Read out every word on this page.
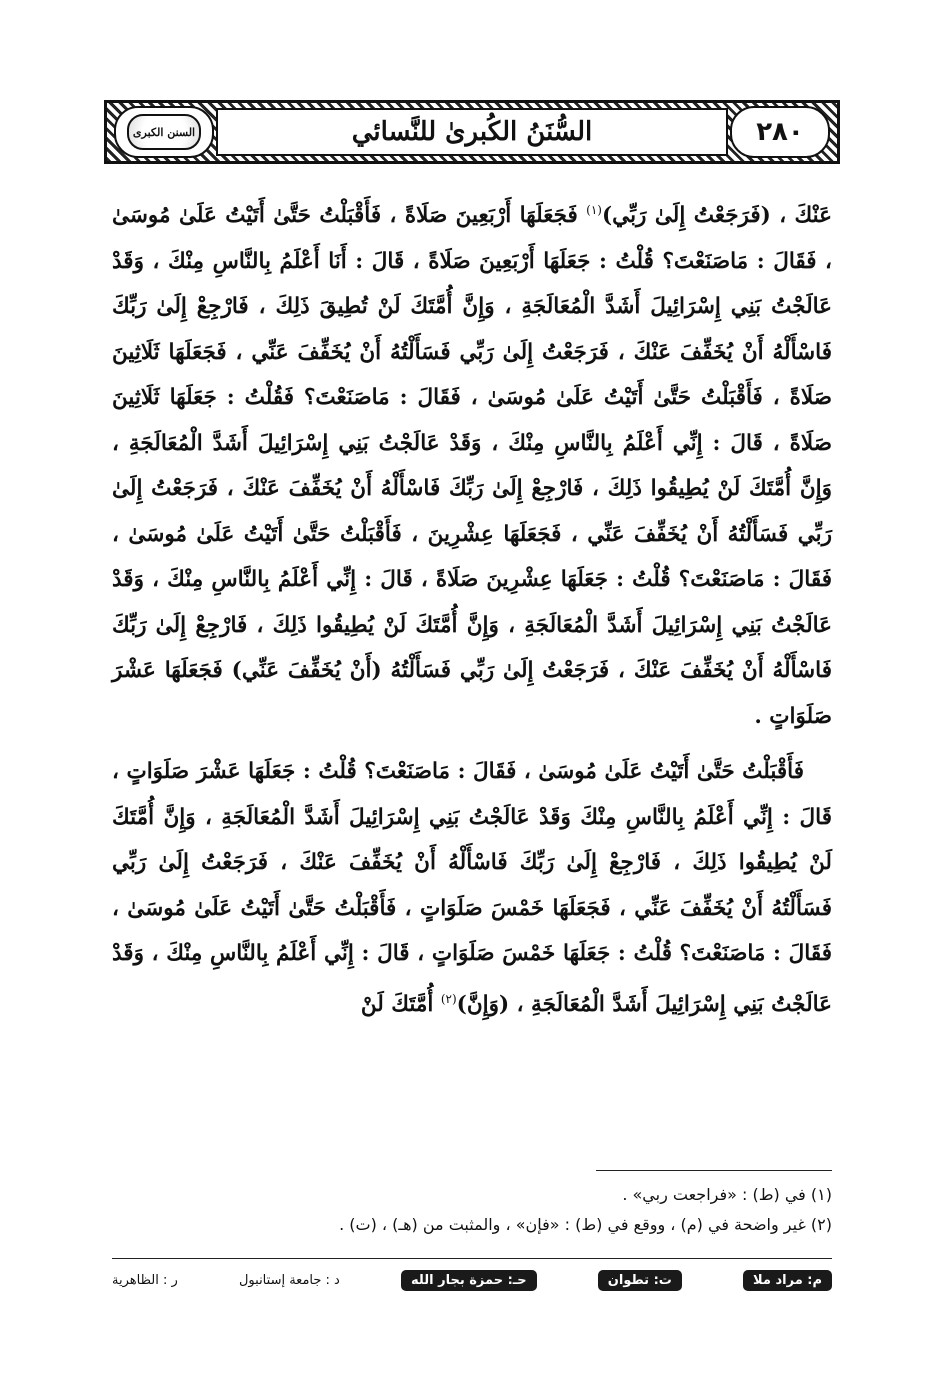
٢٨٠
السُّنَنُ الكُبرىٰ للنَّسائي
السنن الكبرى

عَنْكَ ، (فَرَجَعْتُ إِلَىٰ رَبِّي)$^{(١)}$ فَجَعَلَهَا أَرْبَعِينَ صَلَاةً ، فَأَقْبَلْتُ حَتَّىٰ أَتَيْتُ عَلَىٰ مُوسَىٰ ، فَقَالَ : مَاصَنَعْتَ؟ قُلْتُ : جَعَلَهَا أَرْبَعِينَ صَلَاةً ، قَالَ : أَنَا أَعْلَمُ بِالنَّاسِ مِنْكَ ، وَقَدْ عَالَجْتُ بَنِي إِسْرَائِيلَ أَشَدَّ الْمُعَالَجَةِ ، وَإِنَّ أُمَّتَكَ لَنْ تُطِيقَ ذَلِكَ ، فَارْجِعْ إِلَىٰ رَبِّكَ فَاسْأَلْهُ أَنْ يُخَفِّفَ عَنْكَ ، فَرَجَعْتُ إِلَىٰ رَبِّي فَسَأَلْتُهُ أَنْ يُخَفِّفَ عَنِّي ، فَجَعَلَهَا ثَلَاثِينَ صَلَاةً ، فَأَقْبَلْتُ حَتَّىٰ أَتَيْتُ عَلَىٰ مُوسَىٰ ، فَقَالَ : مَاصَنَعْتَ؟ فَقُلْتُ : جَعَلَهَا ثَلَاثِينَ صَلَاةً ، قَالَ : إِنِّي أَعْلَمُ بِالنَّاسِ مِنْكَ ، وَقَدْ عَالَجْتُ بَنِي إِسْرَائِيلَ أَشَدَّ الْمُعَالَجَةِ ، وَإِنَّ أُمَّتَكَ لَنْ يُطِيقُوا ذَلِكَ ، فَارْجِعْ إِلَىٰ رَبِّكَ فَاسْأَلْهُ أَنْ يُخَفِّفَ عَنْكَ ، فَرَجَعْتُ إِلَىٰ رَبِّي فَسَأَلْتُهُ أَنْ يُخَفِّفَ عَنِّي ، فَجَعَلَهَا عِشْرِينَ ، فَأَقْبَلْتُ حَتَّىٰ أَتَيْتُ عَلَىٰ مُوسَىٰ ، فَقَالَ : مَاصَنَعْتَ؟ قُلْتُ : جَعَلَهَا عِشْرِينَ صَلَاةً ، قَالَ : إِنِّي أَعْلَمُ بِالنَّاسِ مِنْكَ ، وَقَدْ عَالَجْتُ بَنِي إِسْرَائِيلَ أَشَدَّ الْمُعَالَجَةِ ، وَإِنَّ أُمَّتَكَ لَنْ يُطِيقُوا ذَلِكَ ، فَارْجِعْ إِلَىٰ رَبِّكَ فَاسْأَلْهُ أَنْ يُخَفِّفَ عَنْكَ ، فَرَجَعْتُ إِلَىٰ رَبِّي فَسَأَلْتُهُ (أَنْ يُخَفِّفَ عَنِّي) فَجَعَلَهَا عَشْرَ صَلَوَاتٍ .

فَأَقْبَلْتُ حَتَّىٰ أَتَيْتُ عَلَىٰ مُوسَىٰ ، فَقَالَ : مَاصَنَعْتَ؟ قُلْتُ : جَعَلَهَا عَشْرَ صَلَوَاتٍ ، قَالَ : إِنِّي أَعْلَمُ بِالنَّاسِ مِنْكَ وَقَدْ عَالَجْتُ بَنِي إِسْرَائِيلَ أَشَدَّ الْمُعَالَجَةِ ، وَإِنَّ أُمَّتَكَ لَنْ يُطِيقُوا ذَلِكَ ، فَارْجِعْ إِلَىٰ رَبِّكَ فَاسْأَلْهُ أَنْ يُخَفِّفَ عَنْكَ ، فَرَجَعْتُ إِلَىٰ رَبِّي فَسَأَلْتُهُ أَنْ يُخَفِّفَ عَنِّي ، فَجَعَلَهَا خَمْسَ صَلَوَاتٍ ، فَأَقْبَلْتُ حَتَّىٰ أَتَيْتُ عَلَىٰ مُوسَىٰ ، فَقَالَ : مَاصَنَعْتَ؟ قُلْتُ : جَعَلَهَا خَمْسَ صَلَوَاتٍ ، قَالَ : إِنِّي أَعْلَمُ بِالنَّاسِ مِنْكَ ، وَقَدْ عَالَجْتُ بَنِي إِسْرَائِيلَ أَشَدَّ الْمُعَالَجَةِ ، (وَإِنَّ)$^{(٢)}$ أُمَّتَكَ لَنْ

(١) في (ط) : «فراجعت ربي» .

(٢) غير واضحة في (م) ، ووقع في (ط) : «فإن» ، والمثبت من (هـ) ، (ت) .

م: مراد ملا
ت: تطوان
حـ: حمزة بجار الله
د : جامعة إستانبول
ر : الظاهرية
